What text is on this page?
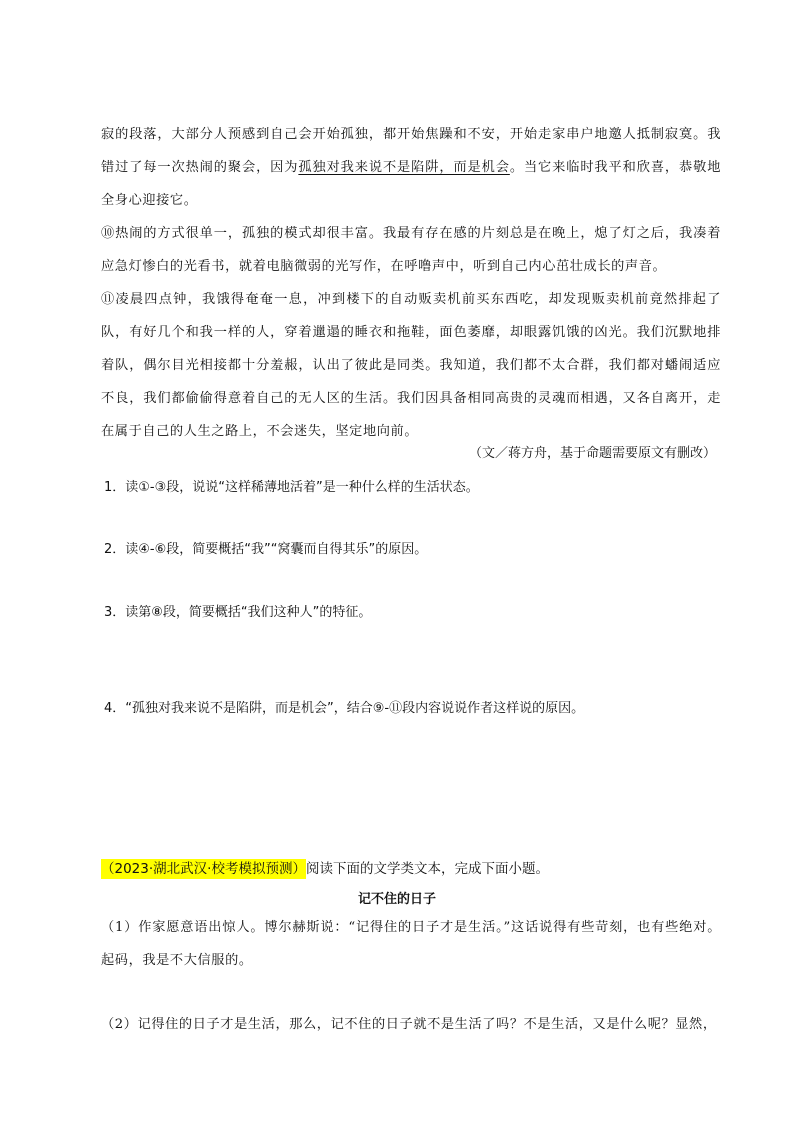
寂的段落，大部分人预感到自己会开始孤独，都开始焦躁和不安，开始走家串户地邀人抵制寂寞。我错过了每一次热闹的聚会，因为孤独对我来说不是陷阱，而是机会。当它来临时我平和欣喜，恭敬地全身心迎接它。
⑩热闹的方式很单一，孤独的模式却很丰富。我最有存在感的片刻总是在晚上，熄了灯之后，我凑着应急灯惨白的光看书，就着电脑微弱的光写作，在呼噜声中，听到自己内心茁壮成长的声音。
⑪凌晨四点钟，我饿得奄奄一息，冲到楼下的自动贩卖机前买东西吃，却发现贩卖机前竟然排起了队，有好几个和我一样的人，穿着邋遢的睡衣和拖鞋，面色萎靡，却眼露饥饿的凶光。我们沉默地排着队，偶尔目光相接都十分羞赧，认出了彼此是同类。我知道，我们都不太合群，我们都对蟠闹适应不良，我们都偷偷得意着自己的无人区的生活。我们因具备相同高贵的灵魂而相遇，又各自离开，走在属于自己的人生之路上，不会迷失，坚定地向前。
（文／蒋方舟，基于命题需要原文有删改）
1．读①-③段，说说“这样稀薄地活着”是一种什么样的生活状态。
2．读④-⑥段，简要概括“我”“窝囊而自得其乐”的原因。
3．读第⑧段，简要概括“我们这种人”的特征。
4．“孤独对我来说不是陷阱，而是机会”，结合⑨-⑪段内容说说作者这样说的原因。
（2023·湖北武汉·校考模拟预测）阅读下面的文学类文本，完成下面小题。
记不住的日子
（1）作家愿意语出惊人。博尔赫斯说：“记得住的日子才是生活。”这话说得有些苛刻，也有些绝对。起码，我是不大信服的。
（2）记得住的日子才是生活，那么，记不住的日子就不是生活了吗？不是生活，又是什么呢？显然，
